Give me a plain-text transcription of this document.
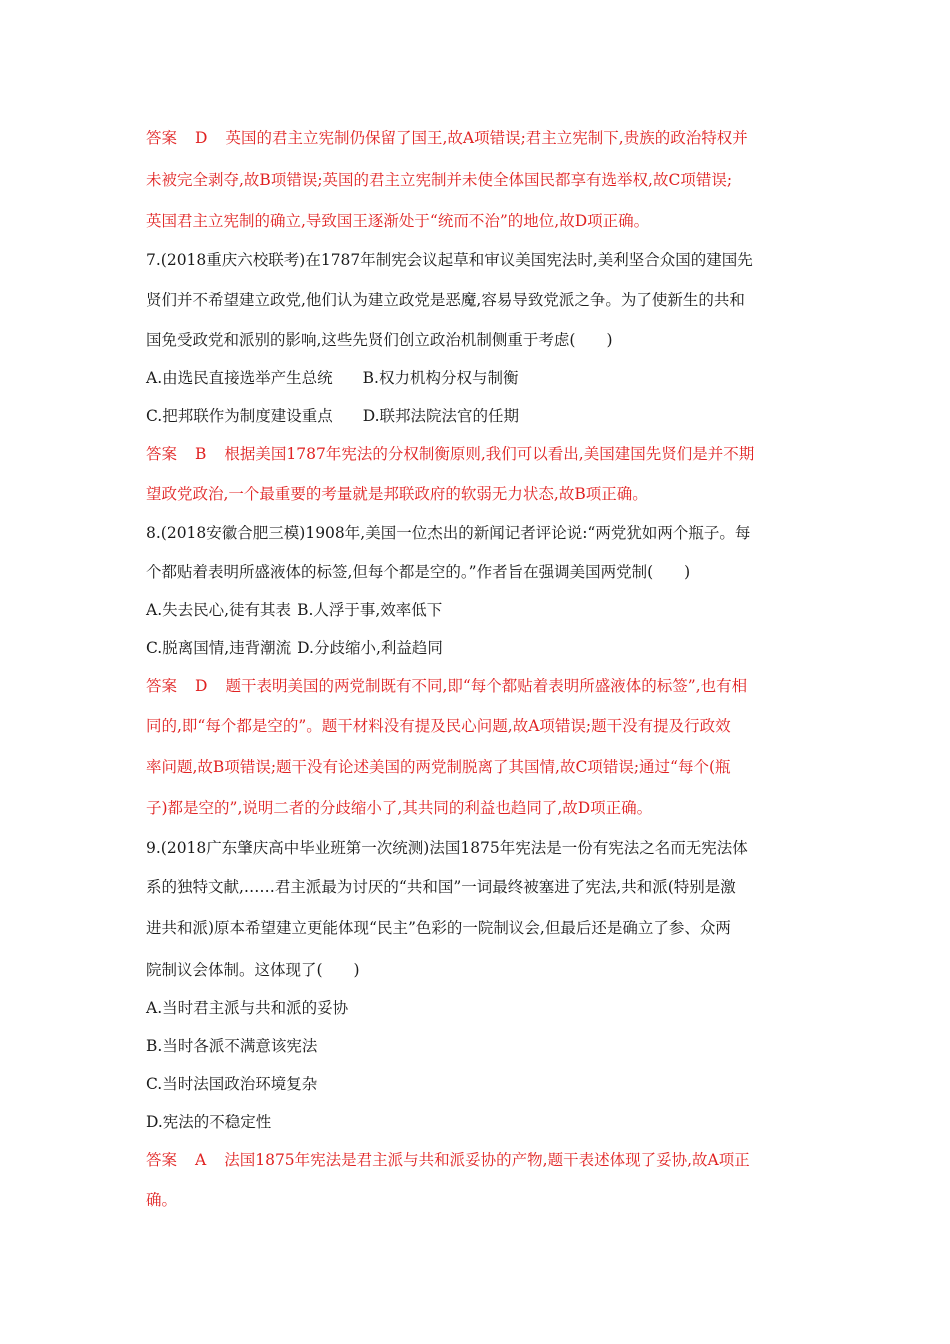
答案 D 英国的君主立宪制仍保留了国王,故A项错误;君主立宪制下,贵族的政治特权并
未被完全剥夺,故B项错误;英国的君主立宪制并未使全体国民都享有选举权,故C项错误;
英国君主立宪制的确立,导致国王逐渐处于“统而不治”的地位,故D项正确。
7.(2018重庆六校联考)在1787年制宪会议起草和审议美国宪法时,美利坚合众国的建国先
贤们并不希望建立政党,他们认为建立政党是恶魔,容易导致党派之争。为了使新生的共和
国免受政党和派别的影响,这些先贤们创立政治机制侧重于考虑(　　)
A.由选民直接选举产生总统 B.权力机构分权与制衡
C.把邦联作为制度建设重点 D.联邦法院法官的任期
答案 B 根据美国1787年宪法的分权制衡原则,我们可以看出,美国建国先贤们是并不期
望政党政治,一个最重要的考量就是邦联政府的软弱无力状态,故B项正确。
8.(2018安徽合肥三模)1908年,美国一位杰出的新闻记者评论说:“两党犹如两个瓶子。每
个都贴着表明所盛液体的标签,但每个都是空的。”作者旨在强调美国两党制(　　)
A.失去民心,徒有其表 B.人浮于事,效率低下
C.脱离国情,违背潮流 D.分歧缩小,利益趋同
答案 D 题干表明美国的两党制既有不同,即“每个都贴着表明所盛液体的标签”,也有相
同的,即“每个都是空的”。题干材料没有提及民心问题,故A项错误;题干没有提及行政效
率问题,故B项错误;题干没有论述美国的两党制脱离了其国情,故C项错误;通过“每个(瓶
子)都是空的”,说明二者的分歧缩小了,其共同的利益也趋同了,故D项正确。
9.(2018广东肇庆高中毕业班第一次统测)法国1875年宪法是一份有宪法之名而无宪法体
系的独特文献,……君主派最为讨厌的“共和国”一词最终被塞进了宪法,共和派(特别是激
进共和派)原本希望建立更能体现“民主”色彩的一院制议会,但最后还是确立了参、众两
院制议会体制。这体现了(　　)
A.当时君主派与共和派的妥协
B.当时各派不满意该宪法
C.当时法国政治环境复杂
D.宪法的不稳定性
答案 A 法国1875年宪法是君主派与共和派妥协的产物,题干表述体现了妥协,故A项正
确。
